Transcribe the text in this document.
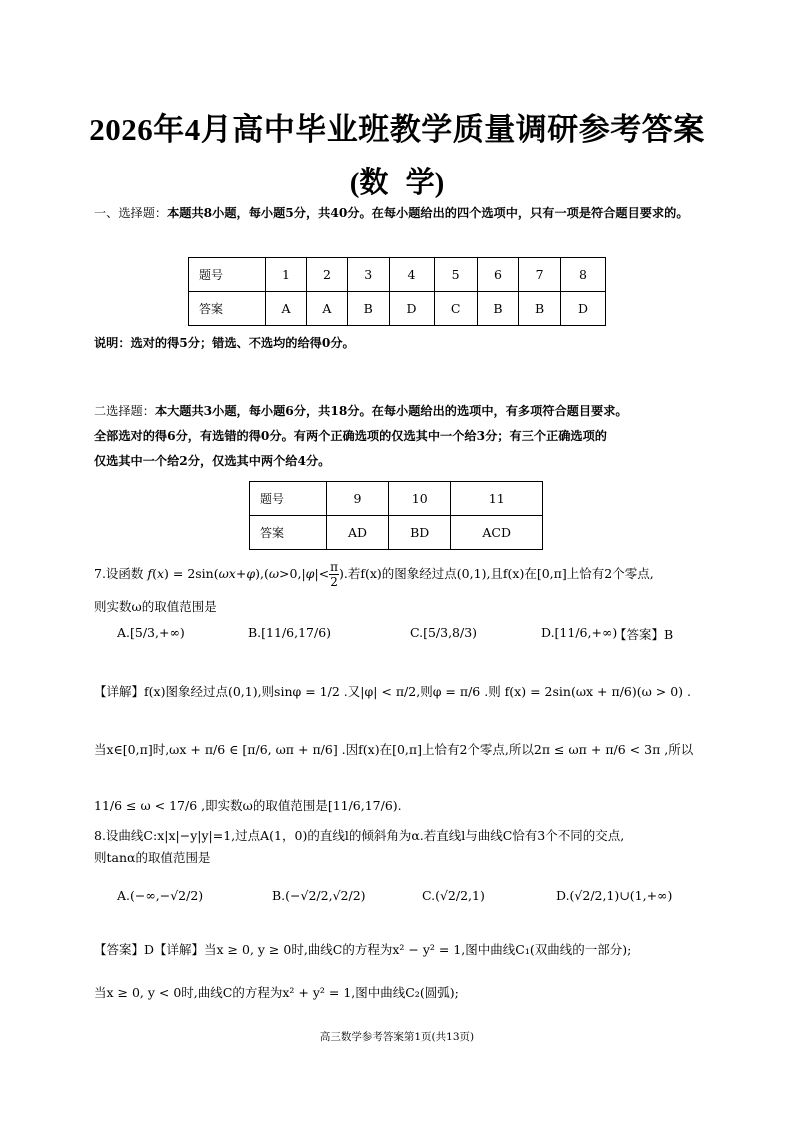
2026年4月高中毕业班教学质量调研参考答案
(数 学)
一、选择题：本题共8小题，每小题5分，共40分。在每小题给出的四个选项中，只有一项是符合题目要求的。
题号	1	2	3	4	5	6	7	8
答案	A	A	B	D	C	B	B	D
说明：选对的得5分；错选、不选均的给得0分。
二选择题：本大题共3小题，每小题6分，共18分。在每小题给出的选项中，有多项符合题目要求。
全部选对的得6分，有选错的得0分。有两个正确选项的仅选其中一个给3分；有三个正确选项的
仅选其中一个给2分，仅选其中两个给4分。
题号	9	10	11
答案	AD	BD	ACD
7.设函数 $f(x) = 2\sin(\omega x+\varphi),(\omega>0,|\varphi|< \frac{\pi}{2}$ ).若f(x)的图象经过点(0,1),且f(x)在[0,π]上恰有2个零点,
则实数ω的取值范围是
A.[5/3,+∞)	B.[11/6,17/6)	C.[5/3,8/3)	D.[11/6,+∞)
【答案】B
【详解】f(x)图象经过点(0,1),则sinφ = 1/2 .又|φ| < π/2,则φ = π/6 .则 f(x) = 2sin(ωx + π/6)(ω > 0) .
当x∈[0,π]时,ωx + π/6 ∈ [π/6, ωπ + π/6] .因f(x)在[0,π]上恰有2个零点,所以2π ≤ ωπ + π/6 < 3π ,所以
11/6 ≤ ω < 17/6 ,即实数ω的取值范围是[11/6,17/6).
8.设曲线C:x|x|−y|y|=1,过点A(1，0)的直线l的倾斜角为α.若直线l与曲线C恰有3个不同的交点,
则tanα的取值范围是
A.(−∞,−√2/2)	B.(−√2/2,√2/2)	C.(√2/2,1)	D.(√2/2,1)∪(1,+∞)
【答案】D【详解】当x ≥ 0, y ≥ 0时,曲线C的方程为x² − y² = 1,图中曲线C₁(双曲线的一部分);
当x ≥ 0, y < 0时,曲线C的方程为x² + y² = 1,图中曲线C₂(圆弧);
高三数学参考答案第1页(共13页)
